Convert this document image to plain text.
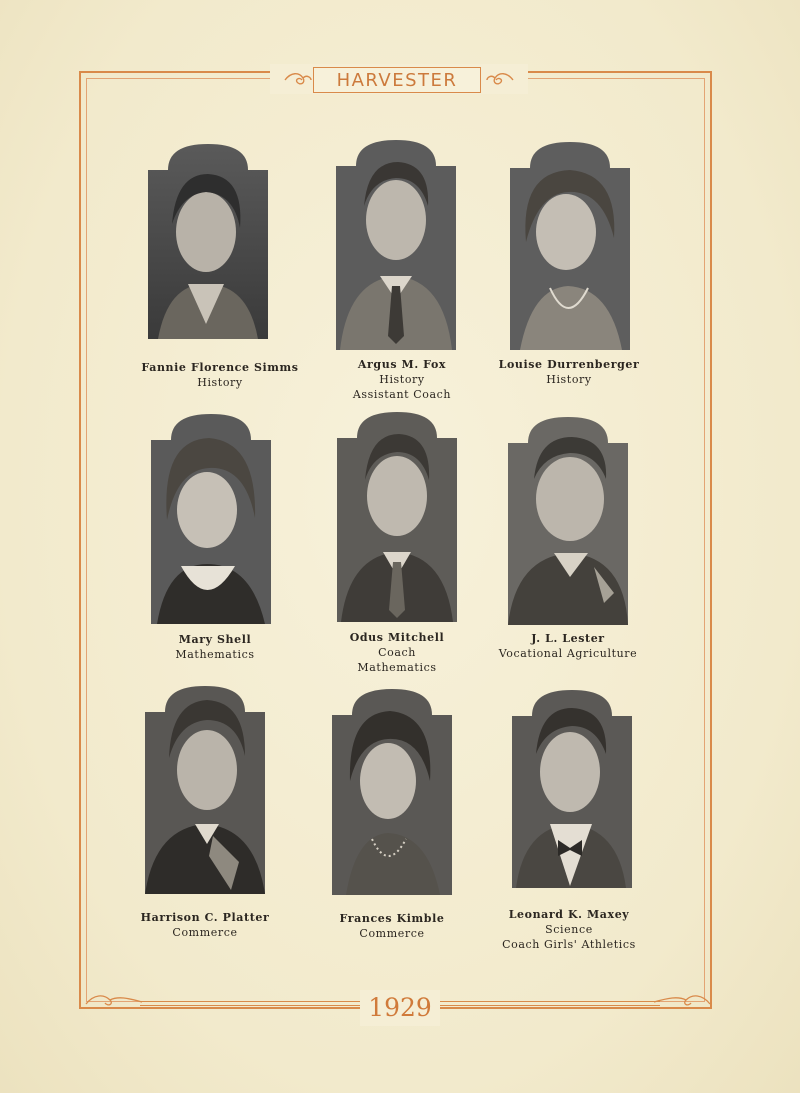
HARVESTER
1929
Fannie Florence Simms
History
Argus M. Fox
History
Assistant Coach
Louise Durrenberger
History
Mary Shell
Mathematics
Odus Mitchell
Coach
Mathematics
J. L. Lester
Vocational Agriculture
Harrison C. Platter
Commerce
Frances Kimble
Commerce
Leonard K. Maxey
Science
Coach Girls' Athletics
